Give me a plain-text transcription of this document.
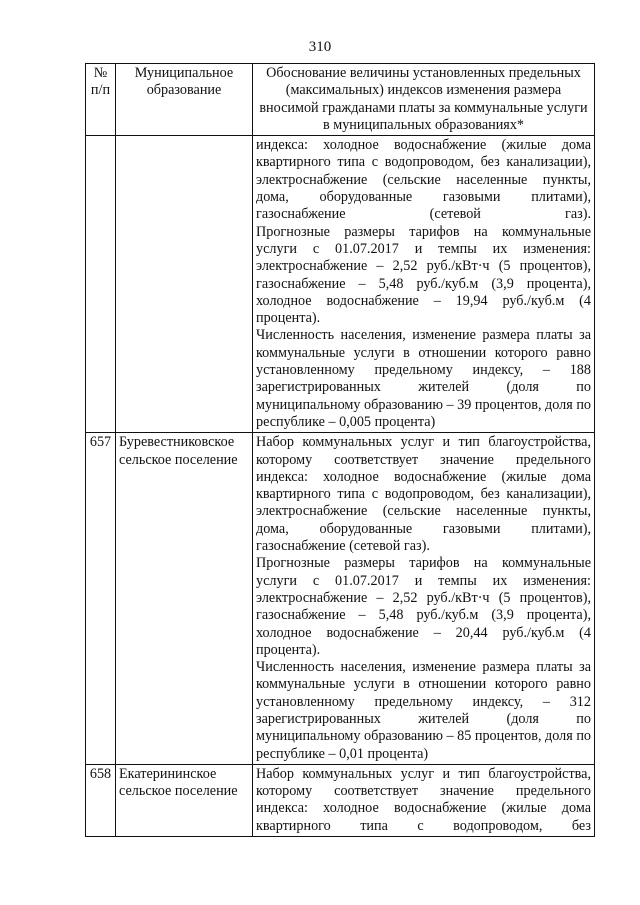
310
№ п/п	Муниципальное образование	Обоснование величины установленных предельных (максимальных) индексов изменения размера вносимой гражданами платы за коммунальные услуги в муниципальных образованиях*

		индекса: холодное водоснабжение (жилые дома квартирного типа с водопроводом, без канализации), электроснабжение (сельские населенные пункты, дома, оборудованные газовыми плитами), газоснабжение (сетевой газ).

Прогнозные размеры тарифов на коммунальные услуги с 01.07.2017 и темпы их изменения: электроснабжение – 2,52 руб./кВт·ч (5 процентов), газоснабжение – 5,48 руб./куб.м (3,9 процента), холодное водоснабжение – 19,94 руб./куб.м (4 процента).

Численность населения, изменение размера платы за коммунальные услуги в отношении которого равно установленному предельному индексу, – 188 зарегистрированных жителей (доля по муниципальному образованию – 39 процентов, доля по республике – 0,005 процента)

657	Буревестниковское сельское поселение	Набор коммунальных услуг и тип благоустройства, которому соответствует значение предельного индекса: холодное водоснабжение (жилые дома квартирного типа с водопроводом, без канализации), электроснабжение (сельские населенные пункты, дома, оборудованные газовыми плитами), газоснабжение (сетевой газ).

Прогнозные размеры тарифов на коммунальные услуги с 01.07.2017 и темпы их изменения: электроснабжение – 2,52 руб./кВт·ч (5 процентов), газоснабжение – 5,48 руб./куб.м (3,9 процента), холодное водоснабжение – 20,44 руб./куб.м (4 процента).

Численность населения, изменение размера платы за коммунальные услуги в отношении которого равно установленному предельному индексу, – 312 зарегистрированных жителей (доля по муниципальному образованию – 85 процентов, доля по республике – 0,01 процента)

658	Екатерининское сельское поселение	Набор коммунальных услуг и тип благоустройства, которому соответствует значение предельного индекса: холодное водоснабжение (жилые дома квартирного типа с водопроводом, без
